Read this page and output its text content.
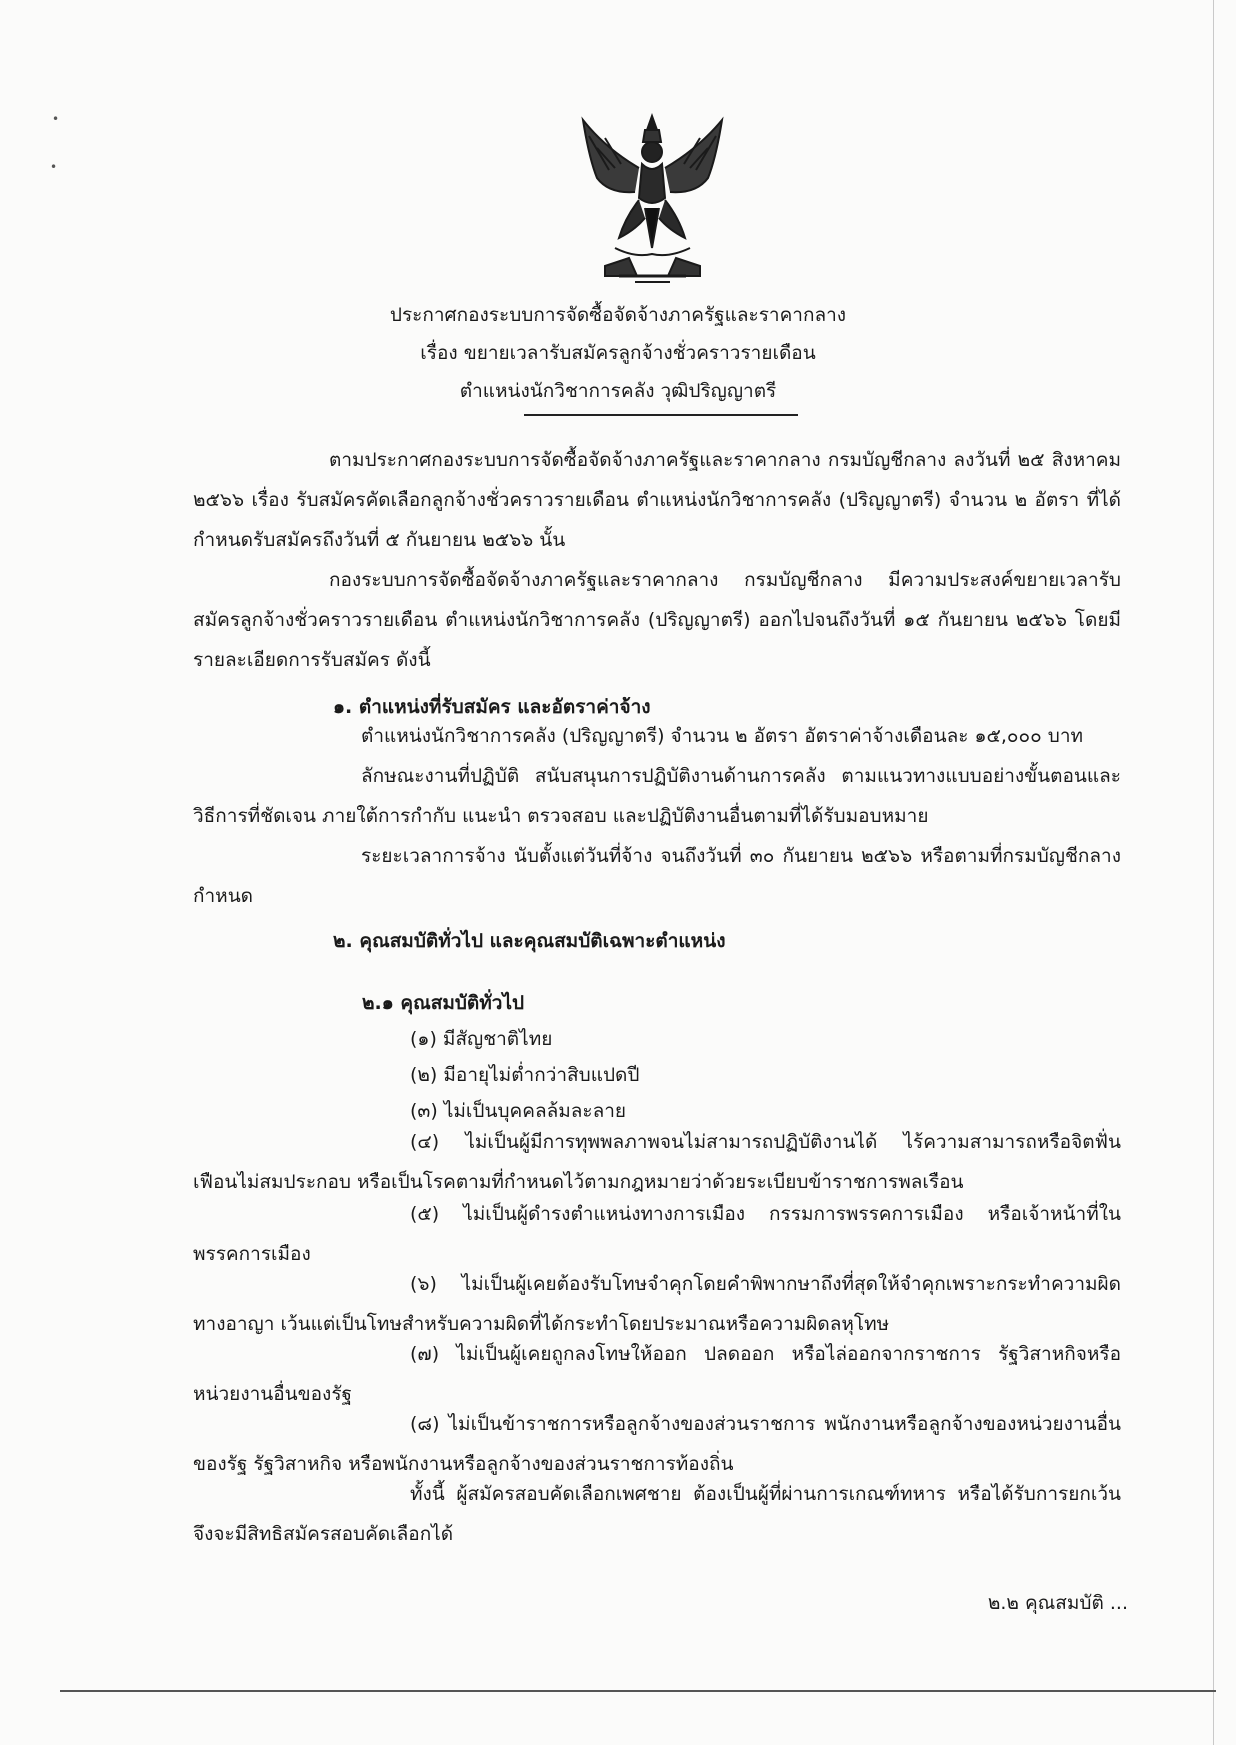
•
•
ประกาศกองระบบการจัดซื้อจัดจ้างภาครัฐและราคากลาง
เรื่อง ขยายเวลารับสมัครลูกจ้างชั่วคราวรายเดือน
ตำแหน่งนักวิชาการคลัง วุฒิปริญญาตรี
ตามประกาศกองระบบการจัดซื้อจัดจ้างภาครัฐและราคากลาง กรมบัญชีกลาง ลงวันที่ ๒๕ สิงหาคม ๒๕๖๖ เรื่อง รับสมัครคัดเลือกลูกจ้างชั่วคราวรายเดือน ตำแหน่งนักวิชาการคลัง (ปริญญาตรี) จำนวน ๒ อัตรา ที่ได้กำหนดรับสมัครถึงวันที่ ๕ กันยายน ๒๕๖๖ นั้น
กองระบบการจัดซื้อจัดจ้างภาครัฐและราคากลาง กรมบัญชีกลาง มีความประสงค์ขยายเวลารับสมัครลูกจ้างชั่วคราวรายเดือน ตำแหน่งนักวิชาการคลัง (ปริญญาตรี) ออกไปจนถึงวันที่ ๑๕ กันยายน ๒๕๖๖ โดยมีรายละเอียดการรับสมัคร ดังนี้
๑. ตำแหน่งที่รับสมัคร และอัตราค่าจ้าง
ตำแหน่งนักวิชาการคลัง (ปริญญาตรี) จำนวน ๒ อัตรา อัตราค่าจ้างเดือนละ ๑๕,๐๐๐ บาท
ลักษณะงานที่ปฏิบัติ สนับสนุนการปฏิบัติงานด้านการคลัง ตามแนวทางแบบอย่างขั้นตอนและวิธีการที่ชัดเจน ภายใต้การกำกับ แนะนำ ตรวจสอบ และปฏิบัติงานอื่นตามที่ได้รับมอบหมาย
ระยะเวลาการจ้าง นับตั้งแต่วันที่จ้าง จนถึงวันที่ ๓๐ กันยายน ๒๕๖๖ หรือตามที่กรมบัญชีกลางกำหนด
๒. คุณสมบัติทั่วไป และคุณสมบัติเฉพาะตำแหน่ง
๒.๑ คุณสมบัติทั่วไป
(๑) มีสัญชาติไทย
(๒) มีอายุไม่ต่ำกว่าสิบแปดปี
(๓) ไม่เป็นบุคคลล้มละลาย
(๔) ไม่เป็นผู้มีการทุพพลภาพจนไม่สามารถปฏิบัติงานได้ ไร้ความสามารถหรือจิตฟั่นเฟือนไม่สมประกอบ หรือเป็นโรคตามที่กำหนดไว้ตามกฎหมายว่าด้วยระเบียบข้าราชการพลเรือน
(๕) ไม่เป็นผู้ดำรงตำแหน่งทางการเมือง กรรมการพรรคการเมือง หรือเจ้าหน้าที่ในพรรคการเมือง
(๖) ไม่เป็นผู้เคยต้องรับโทษจำคุกโดยคำพิพากษาถึงที่สุดให้จำคุกเพราะกระทำความผิดทางอาญา เว้นแต่เป็นโทษสำหรับความผิดที่ได้กระทำโดยประมาณหรือความผิดลหุโทษ
(๗) ไม่เป็นผู้เคยถูกลงโทษให้ออก ปลดออก หรือไล่ออกจากราชการ รัฐวิสาหกิจหรือหน่วยงานอื่นของรัฐ
(๘) ไม่เป็นข้าราชการหรือลูกจ้างของส่วนราชการ พนักงานหรือลูกจ้างของหน่วยงานอื่นของรัฐ รัฐวิสาหกิจ หรือพนักงานหรือลูกจ้างของส่วนราชการท้องถิ่น
ทั้งนี้ ผู้สมัครสอบคัดเลือกเพศชาย ต้องเป็นผู้ที่ผ่านการเกณฑ์ทหาร หรือได้รับการยกเว้น จึงจะมีสิทธิสมัครสอบคัดเลือกได้
๒.๒ คุณสมบัติ ...
